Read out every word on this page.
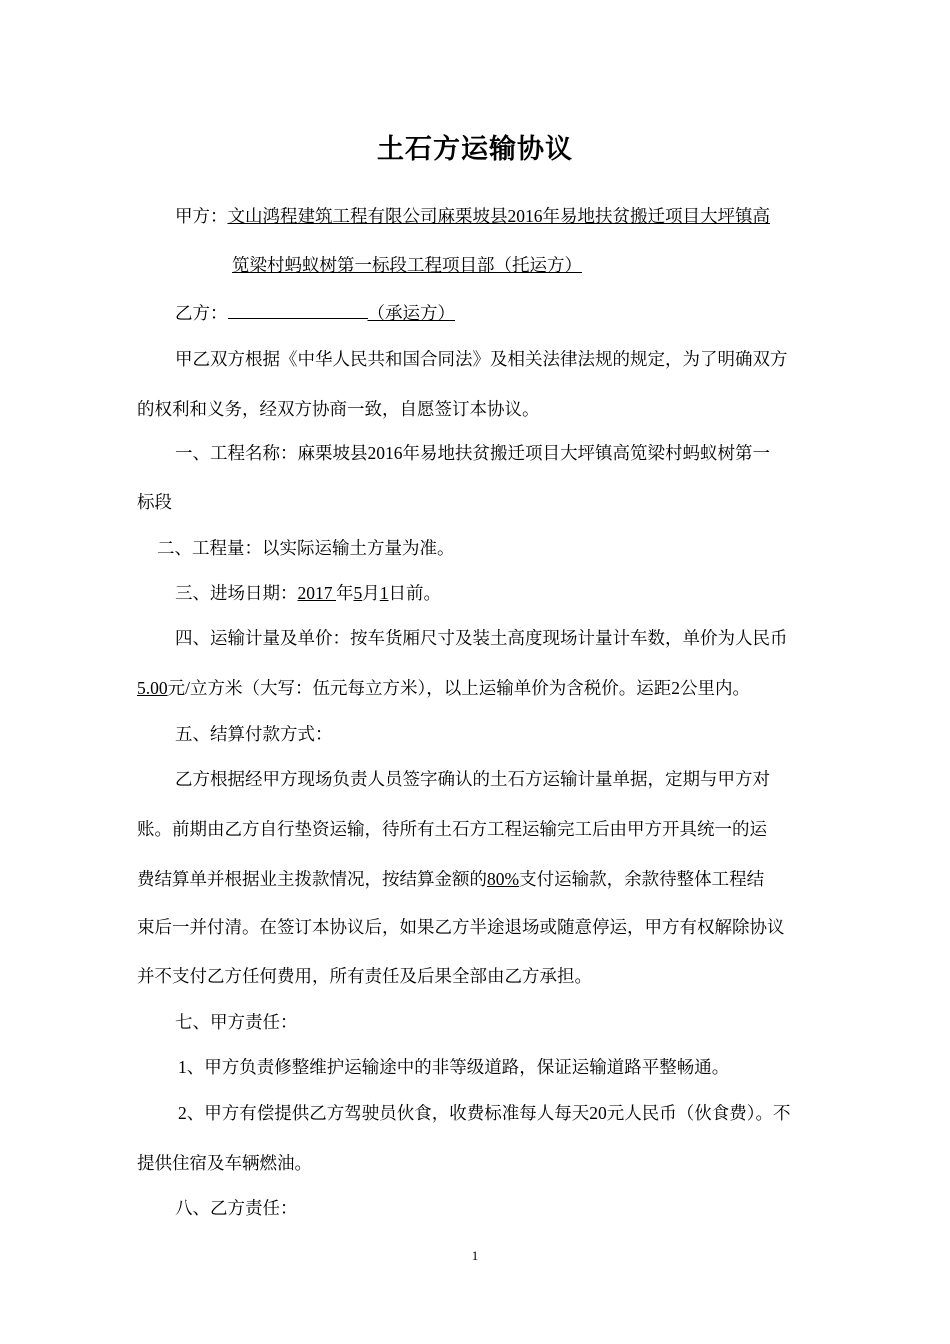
土石方运输协议
甲方：文山鸿程建筑工程有限公司麻栗坡县2016年易地扶贫搬迁项目大坪镇高
笕梁村蚂蚁树第一标段工程项目部（托运方）
乙方：	（承运方）
甲乙双方根据《中华人民共和国合同法》及相关法律法规的规定，为了明确双方
的权利和义务，经双方协商一致，自愿签订本协议。
一、工程名称：麻栗坡县2016年易地扶贫搬迁项目大坪镇高笕梁村蚂蚁树第一
标段
二、工程量：以实际运输土方量为准。
三、进场日期：2017  年5月1日前。
四、运输计量及单价：按车货厢尺寸及装土高度现场计量计车数，单价为人民币
5.00元/立方米（大写：伍元每立方米），以上运输单价为含税价。运距2公里内。
五、结算付款方式：
乙方根据经甲方现场负责人员签字确认的土石方运输计量单据，定期与甲方对
账。前期由乙方自行垫资运输，待所有土石方工程运输完工后由甲方开具统一的运
费结算单并根据业主拨款情况，按结算金额的80%支付运输款，余款待整体工程结
束后一并付清。在签订本协议后，如果乙方半途退场或随意停运，甲方有权解除协议
并不支付乙方任何费用，所有责任及后果全部由乙方承担。
七、甲方责任：
1、甲方负责修整维护运输途中的非等级道路，保证运输道路平整畅通。
2、甲方有偿提供乙方驾驶员伙食，收费标准每人每天20元人民币（伙食费）。不
提供住宿及车辆燃油。
八、乙方责任：
1
